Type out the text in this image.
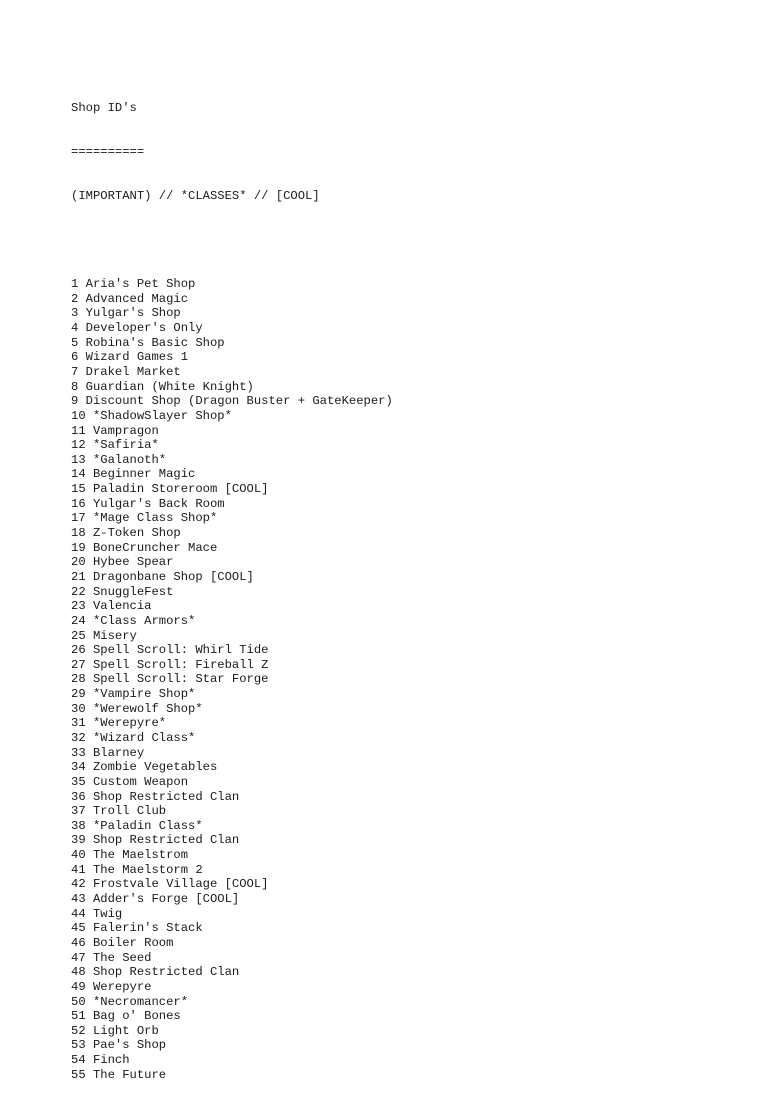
Shop ID's

==========

(IMPORTANT) // *CLASSES* // [COOL]

1 Aria's Pet Shop
2 Advanced Magic
3 Yulgar's Shop
4 Developer's Only
5 Robina's Basic Shop
6 Wizard Games 1
7 Drakel Market
8 Guardian (White Knight)
9 Discount Shop (Dragon Buster + GateKeeper)
10 *ShadowSlayer Shop*
11 Vampragon
12 *Safiria*
13 *Galanoth*
14 Beginner Magic
15 Paladin Storeroom [COOL]
16 Yulgar's Back Room
17 *Mage Class Shop*
18 Z-Token Shop
19 BoneCruncher Mace
20 Hybee Spear
21 Dragonbane Shop [COOL]
22 SnuggleFest
23 Valencia
24 *Class Armors*
25 Misery
26 Spell Scroll: Whirl Tide
27 Spell Scroll: Fireball Z
28 Spell Scroll: Star Forge
29 *Vampire Shop*
30 *Werewolf Shop*
31 *Werepyre*
32 *Wizard Class*
33 Blarney
34 Zombie Vegetables
35 Custom Weapon
36 Shop Restricted Clan
37 Troll Club
38 *Paladin Class*
39 Shop Restricted Clan
40 The Maelstrom
41 The Maelstorm 2
42 Frostvale Village [COOL]
43 Adder's Forge [COOL]
44 Twig
45 Falerin's Stack
46 Boiler Room
47 The Seed
48 Shop Restricted Clan
49 Werepyre
50 *Necromancer*
51 Bag o' Bones
52 Light Orb
53 Pae's Shop
54 Finch
55 The Future
